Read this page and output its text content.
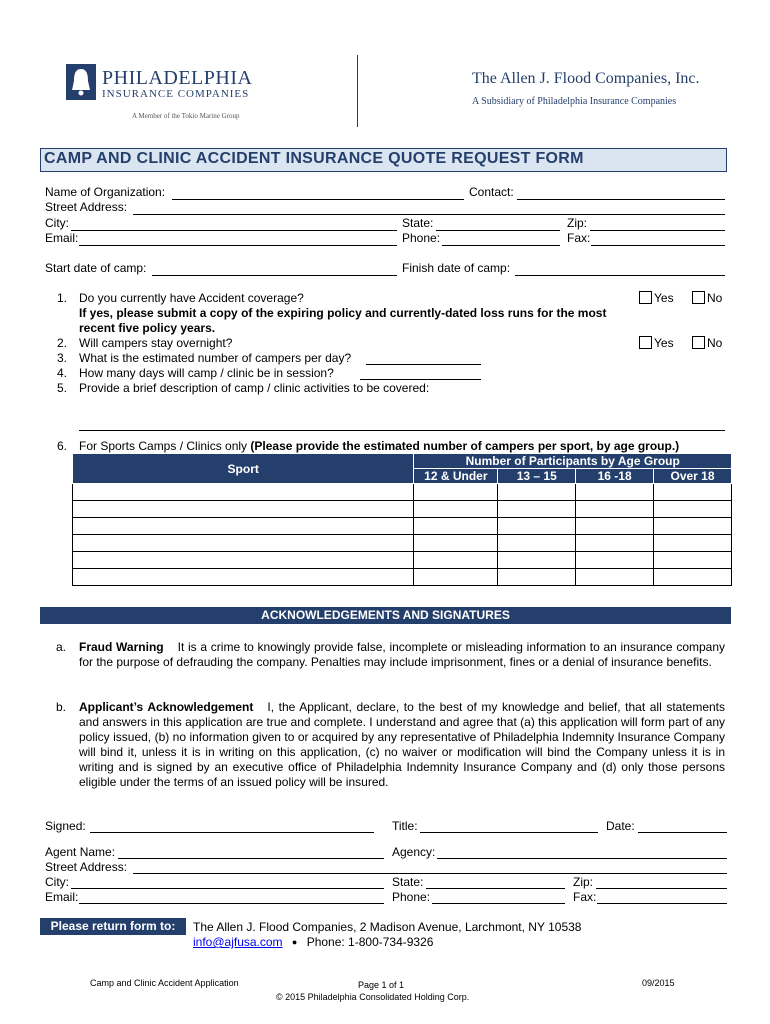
PHILADELPHIA
INSURANCE COMPANIES
A Member of the Tokio Marine Group
The Allen J. Flood Companies, Inc.
A Subsidiary of Philadelphia Insurance Companies
CAMP AND CLINIC ACCIDENT INSURANCE QUOTE REQUEST FORM
Name of Organization:	Contact:
Street Address:
City:	State:	Zip:
Email:	Phone:	Fax:
Start date of camp:	Finish date of camp:
1. Do you currently have Accident coverage?
If yes, please submit a copy of the expiring policy and currently-dated loss runs for the most recent five policy years.
Yes	No
2. Will campers stay overnight?	Yes	No
3. What is the estimated number of campers per day?
4. How many days will camp / clinic be in session?
5. Provide a brief description of camp / clinic activities to be covered:
6. For Sports Camps / Clinics only (Please provide the estimated number of campers per sport, by age group.)
Sport	Number of Participants by Age Group			
	12 & Under	13 – 15	16 -18	Over 18

ACKNOWLEDGEMENTS AND SIGNATURES
a. Fraud Warning It is a crime to knowingly provide false, incomplete or misleading information to an insurance company for the purpose of defrauding the company. Penalties may include imprisonment, fines or a denial of insurance benefits.
b. Applicant’s Acknowledgement I, the Applicant, declare, to the best of my knowledge and belief, that all statements and answers in this application are true and complete. I understand and agree that (a) this application will form part of any policy issued, (b) no information given to or acquired by any representative of Philadelphia Indemnity Insurance Company will bind it, unless it is in writing on this application, (c) no waiver or modification will bind the Company unless it is in writing and is signed by an executive office of Philadelphia Indemnity Insurance Company and (d) only those persons eligible under the terms of an issued policy will be insured.
Signed:	Title:	Date:
Agent Name:	Agency:
Street Address:
City:	State:	Zip:
Email:	Phone:	Fax:
Please return form to:	The Allen J. Flood Companies, 2 Madison Avenue, Larchmont, NY 10538
info@ajfusa.com ● Phone: 1-800-734-9326
Camp and Clinic Accident Application	Page 1 of 1	09/2015
© 2015 Philadelphia Consolidated Holding Corp.
